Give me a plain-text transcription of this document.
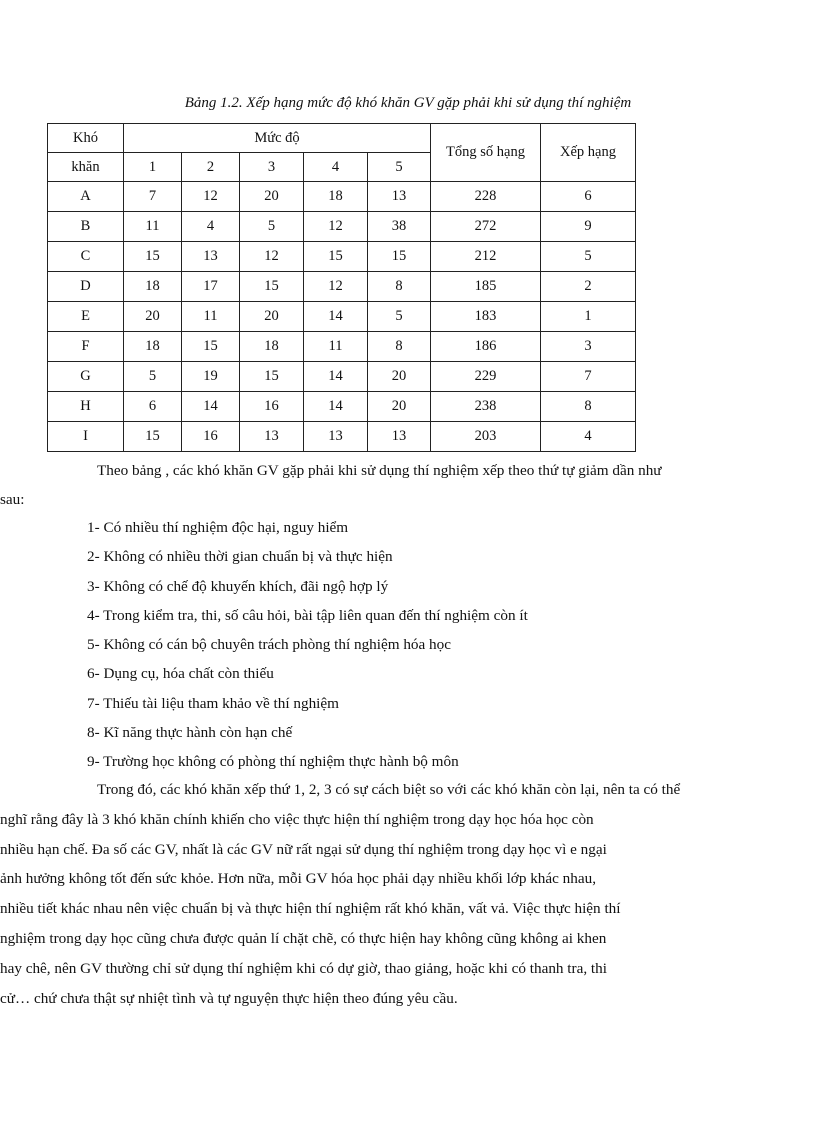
Bảng 1.2. Xếp hạng mức độ khó khăn GV gặp phải khi sử dụng thí nghiệm
Khó	Mức độ					Tổng số hạng	Xếp hạng
khăn	1	2	3	4	5		
A	7	12	20	18	13	228	6
B	11	4	5	12	38	272	9
C	15	13	12	15	15	212	5
D	18	17	15	12	8	185	2
E	20	11	20	14	5	183	1
F	18	15	18	11	8	186	3
G	5	19	15	14	20	229	7
H	6	14	16	14	20	238	8
I	15	16	13	13	13	203	4
Theo bảng , các khó khăn GV gặp phải khi sử dụng thí nghiệm xếp theo thứ tự giảm dần như
sau:
1- Có nhiều thí nghiệm độc hại, nguy hiểm
2- Không có nhiều thời gian chuẩn bị và thực hiện
3- Không có chế độ khuyến khích, đãi ngộ hợp lý
4- Trong kiểm tra, thi, số câu hỏi, bài tập liên quan đến thí nghiệm còn ít
5- Không có cán bộ chuyên trách phòng thí nghiệm hóa học
6- Dụng cụ, hóa chất còn thiếu
7- Thiếu tài liệu tham khảo về thí nghiệm
8- Kĩ năng thực hành còn hạn chế
9- Trường học không có phòng thí nghiệm thực hành bộ môn
Trong đó, các khó khăn xếp thứ 1, 2, 3 có sự cách biệt so với các khó khăn còn lại, nên ta có thể
nghĩ rằng đây là 3 khó khăn chính khiến cho việc thực hiện thí nghiệm trong dạy học hóa học còn
nhiều hạn chế. Đa số các GV, nhất là các GV nữ rất ngại sử dụng thí nghiệm trong dạy học vì e ngại
ảnh hưởng không tốt đến sức khỏe. Hơn nữa, mỗi GV hóa học phải dạy nhiều khối lớp khác nhau,
nhiều tiết khác nhau nên việc chuẩn bị và thực hiện thí nghiệm rất khó khăn, vất vả. Việc thực hiện thí
nghiệm trong dạy học cũng chưa được quản lí chặt chẽ, có thực hiện hay không cũng không ai khen
hay chê, nên GV thường chỉ sử dụng thí nghiệm khi có dự giờ, thao giảng, hoặc khi có thanh tra, thi
cử… chứ chưa thật sự nhiệt tình và tự nguyện thực hiện theo đúng yêu cầu.
